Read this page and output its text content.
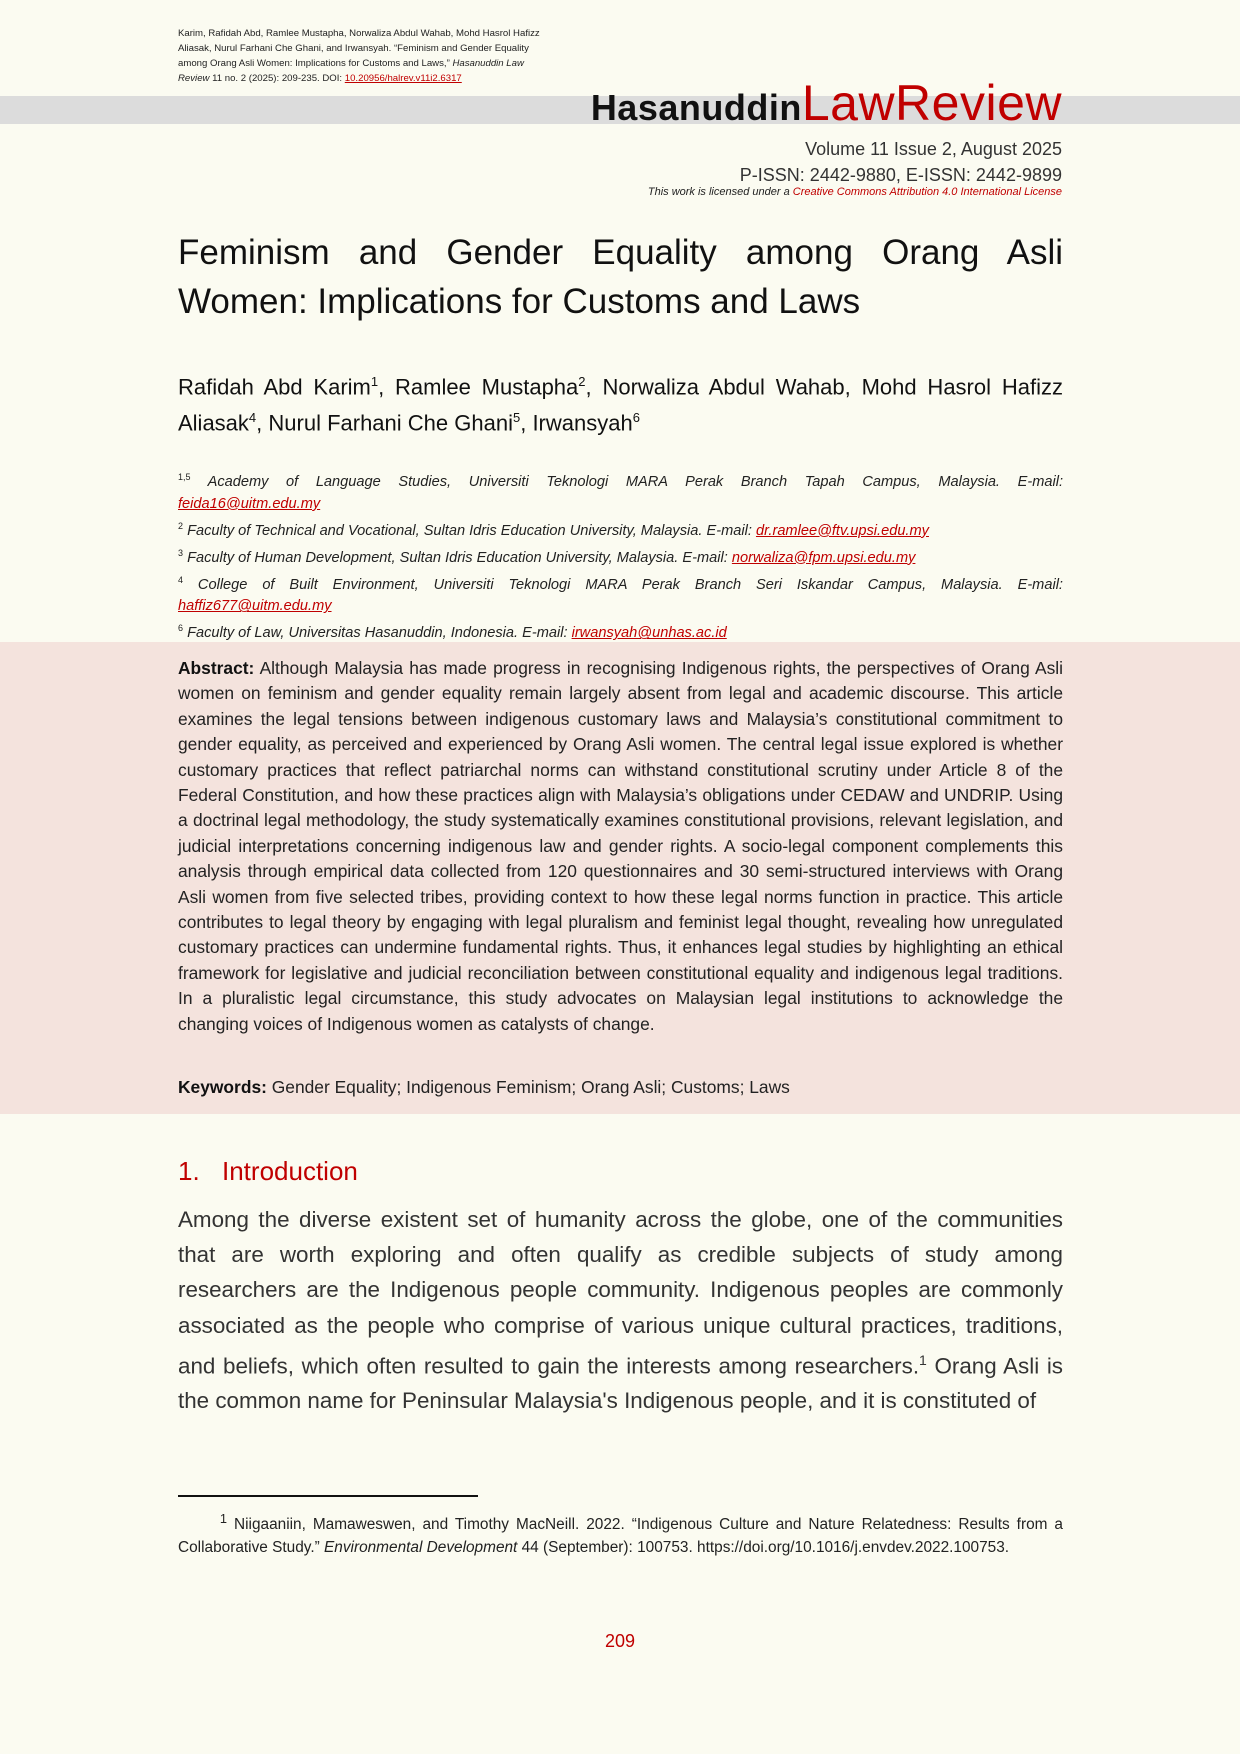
Karim, Rafidah Abd, Ramlee Mustapha, Norwaliza Abdul Wahab, Mohd Hasrol Hafizz
Aliasak, Nurul Farhani Che Ghani, and Irwansyah. “Feminism and Gender Equality
among Orang Asli Women: Implications for Customs and Laws,” Hasanuddin Law
Review 11 no. 2 (2025): 209-235. DOI: 10.20956/halrev.v11i2.6317
HasanuddinLawReview
Volume 11 Issue 2, August 2025
P-ISSN: 2442-9880, E-ISSN: 2442-9899
This work is licensed under a Creative Commons Attribution 4.0 International License
Feminism and Gender Equality among Orang Asli Women: Implications for Customs and Laws
Rafidah Abd Karim$^1$, Ramlee Mustapha$^2$, Norwaliza Abdul Wahab, Mohd Hasrol Hafizz Aliasak$^4$, Nurul Farhani Che Ghani$^5$, Irwansyah$^6$
$^{1,5}$ Academy of Language Studies, Universiti Teknologi MARA Perak Branch Tapah Campus, Malaysia. E-mail:
feida16@uitm.edu.my
$^2$ Faculty of Technical and Vocational, Sultan Idris Education University, Malaysia. E-mail: dr.ramlee@ftv.upsi.edu.my
$^3$ Faculty of Human Development, Sultan Idris Education University, Malaysia. E-mail: norwaliza@fpm.upsi.edu.my
$^4$ College of Built Environment, Universiti Teknologi MARA Perak Branch Seri Iskandar Campus, Malaysia. E-mail:
haffiz677@uitm.edu.my
$^6$ Faculty of Law, Universitas Hasanuddin, Indonesia. E-mail: irwansyah@unhas.ac.id
Abstract: Although Malaysia has made progress in recognising Indigenous rights, the perspectives of Orang Asli women on feminism and gender equality remain largely absent from legal and academic discourse. This article examines the legal tensions between indigenous customary laws and Malaysia’s constitutional commitment to gender equality, as perceived and experienced by Orang Asli women. The central legal issue explored is whether customary practices that reflect patriarchal norms can withstand constitutional scrutiny under Article 8 of the Federal Constitution, and how these practices align with Malaysia’s obligations under CEDAW and UNDRIP. Using a doctrinal legal methodology, the study systematically examines constitutional provisions, relevant legislation, and judicial interpretations concerning indigenous law and gender rights. A socio-legal component complements this analysis through empirical data collected from 120 questionnaires and 30 semi-structured interviews with Orang Asli women from five selected tribes, providing context to how these legal norms function in practice. This article contributes to legal theory by engaging with legal pluralism and feminist legal thought, revealing how unregulated customary practices can undermine fundamental rights. Thus, it enhances legal studies by highlighting an ethical framework for legislative and judicial reconciliation between constitutional equality and indigenous legal traditions. In a pluralistic legal circumstance, this study advocates on Malaysian legal institutions to acknowledge the changing voices of Indigenous women as catalysts of change.
Keywords: Gender Equality; Indigenous Feminism; Orang Asli; Customs; Laws
1. Introduction
Among the diverse existent set of humanity across the globe, one of the communities that are worth exploring and often qualify as credible subjects of study among researchers are the Indigenous people community. Indigenous peoples are commonly associated as the people who comprise of various unique cultural practices, traditions, and beliefs, which often resulted to gain the interests among researchers.$^1$ Orang Asli is the common name for Peninsular Malaysia's Indigenous people, and it is constituted of
$^1$ Niigaaniin, Mamaweswen, and Timothy MacNeill. 2022. “Indigenous Culture and Nature Relatedness: Results from a Collaborative Study.” Environmental Development 44 (September): 100753. https://doi.org/10.1016/j.envdev.2022.100753.
209
